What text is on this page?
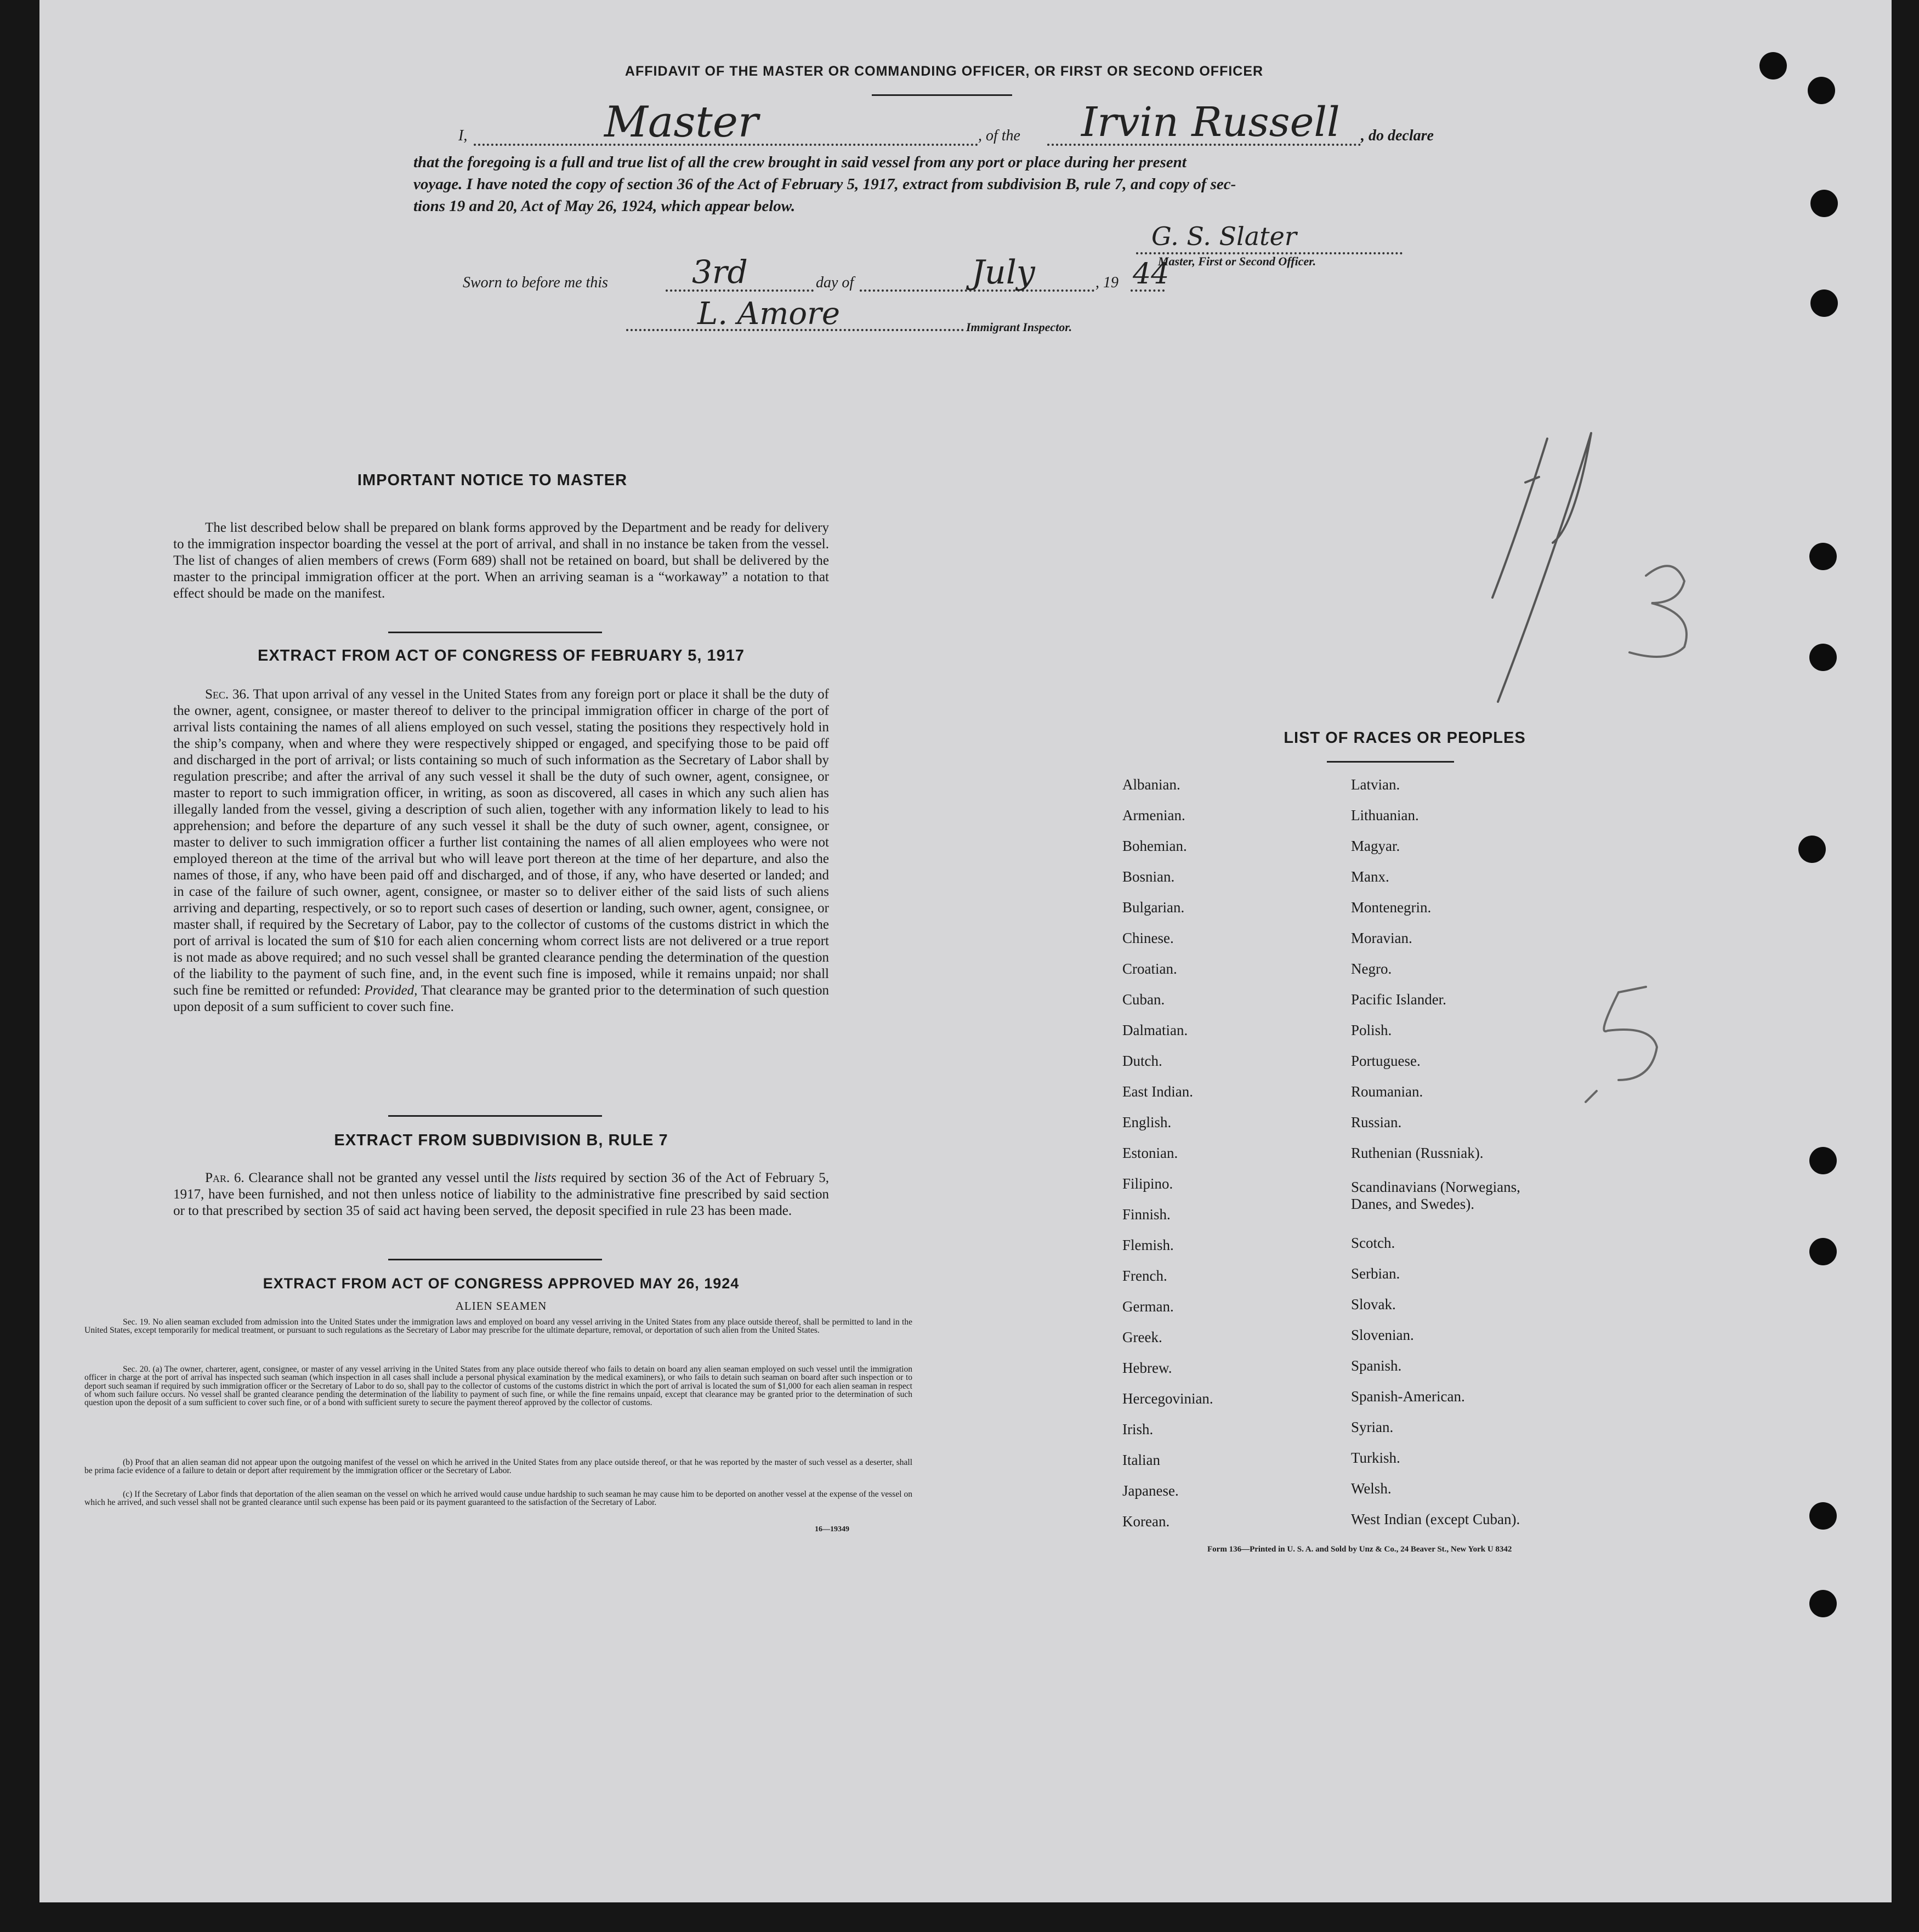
AFFIDAVIT OF THE MASTER OR COMMANDING OFFICER, OR FIRST OR SECOND OFFICER
I,	Master	, of the Irvin Russell , do declare
that the foregoing is a full and true list of all the crew brought in said vessel from any port or place during her present
voyage. I have noted the copy of section 36 of the Act of February 5, 1917, extract from subdivision B, rule 7, and copy of sec-
tions 19 and 20, Act of May 26, 1924, which appear below.
G. S. Slater
Master, First or Second Officer.
Sworn to before me this	3rd	day of	July	, 19 44
L. Amore	Immigrant Inspector.
IMPORTANT NOTICE TO MASTER
The list described below shall be prepared on blank forms approved by the Department and be ready for delivery to the immigration inspector boarding the vessel at the port of arrival, and shall in no instance be taken from the vessel. The list of changes of alien members of crews (Form 689) shall not be retained on board, but shall be delivered by the master to the principal immigration officer at the port. When an arriving seaman is a “workaway” a notation to that effect should be made on the manifest.
EXTRACT FROM ACT OF CONGRESS OF FEBRUARY 5, 1917
Sec. 36. That upon arrival of any vessel in the United States from any foreign port or place it shall be the duty of the owner, agent, consignee, or master thereof to deliver to the principal immigration officer in charge of the port of arrival lists containing the names of all aliens employed on such vessel, stating the positions they respectively hold in the ship’s company, when and where they were respectively shipped or engaged, and specifying those to be paid off and discharged in the port of arrival; or lists containing so much of such information as the Secretary of Labor shall by regulation prescribe; and after the arrival of any such vessel it shall be the duty of such owner, agent, consignee, or master to report to such immigration officer, in writing, as soon as discovered, all cases in which any such alien has illegally landed from the vessel, giving a description of such alien, together with any information likely to lead to his apprehension; and before the departure of any such vessel it shall be the duty of such owner, agent, consignee, or master to deliver to such immigration officer a further list containing the names of all alien employees who were not employed thereon at the time of the arrival but who will leave port thereon at the time of her departure, and also the names of those, if any, who have been paid off and discharged, and of those, if any, who have deserted or landed; and in case of the failure of such owner, agent, consignee, or master so to deliver either of the said lists of such aliens arriving and departing, respectively, or so to report such cases of desertion or landing, such owner, agent, consignee, or master shall, if required by the Secretary of Labor, pay to the collector of customs of the customs district in which the port of arrival is located the sum of $10 for each alien concerning whom correct lists are not delivered or a true report is not made as above required; and no such vessel shall be granted clearance pending the determination of the question of the liability to the payment of such fine, and, in the event such fine is imposed, while it remains unpaid; nor shall such fine be remitted or refunded: Provided, That clearance may be granted prior to the determination of such question upon deposit of a sum sufficient to cover such fine.
EXTRACT FROM SUBDIVISION B, RULE 7
Par. 6. Clearance shall not be granted any vessel until the lists required by section 36 of the Act of February 5, 1917, have been furnished, and not then unless notice of liability to the administrative fine prescribed by said section or to that prescribed by section 35 of said act having been served, the deposit specified in rule 23 has been made.
EXTRACT FROM ACT OF CONGRESS APPROVED MAY 26, 1924
ALIEN SEAMEN
Sec. 19. No alien seaman excluded from admission into the United States under the immigration laws and employed on board any vessel arriving in the United States from any place outside thereof, shall be permitted to land in the United States, except temporarily for medical treatment, or pursuant to such regulations as the Secretary of Labor may prescribe for the ultimate departure, removal, or deportation of such alien from the United States.
Sec. 20. (a) The owner, charterer, agent, consignee, or master of any vessel arriving in the United States from any place outside thereof who fails to detain on board any alien seaman employed on such vessel until the immigration officer in charge at the port of arrival has inspected such seaman (which inspection in all cases shall include a personal physical examination by the medical examiners), or who fails to detain such seaman on board after such inspection or to deport such seaman if required by such immigration officer or the Secretary of Labor to do so, shall pay to the collector of customs of the customs district in which the port of arrival is located the sum of $1,000 for each alien seaman in respect of whom such failure occurs. No vessel shall be granted clearance pending the determination of the liability to payment of such fine, or while the fine remains unpaid, except that clearance may be granted prior to the determination of such question upon the deposit of a sum sufficient to cover such fine, or of a bond with sufficient surety to secure the payment thereof approved by the collector of customs.
(b) Proof that an alien seaman did not appear upon the outgoing manifest of the vessel on which he arrived in the United States from any place outside thereof, or that he was reported by the master of such vessel as a deserter, shall be prima facie evidence of a failure to detain or deport after requirement by the immigration officer or the Secretary of Labor.
(c) If the Secretary of Labor finds that deportation of the alien seaman on the vessel on which he arrived would cause undue hardship to such seaman he may cause him to be deported on another vessel at the expense of the vessel on which he arrived, and such vessel shall not be granted clearance until such expense has been paid or its payment guaranteed to the satisfaction of the Secretary of Labor.
16—19349
LIST OF RACES OR PEOPLES
Albanian.
Armenian.
Bohemian.
Bosnian.
Bulgarian.
Chinese.
Croatian.
Cuban.
Dalmatian.
Dutch.
East Indian.
English.
Estonian.
Filipino.
Finnish.
Flemish.
French.
German.
Greek.
Hebrew.
Hercegovinian.
Irish.
Italian
Japanese.
Korean.
Latvian.
Lithuanian.
Magyar.
Manx.
Montenegrin.
Moravian.
Negro.
Pacific Islander.
Polish.
Portuguese.
Roumanian.
Russian.
Ruthenian (Russniak).
Scandinavians (Norwegians,
Danes, and Swedes).
Scotch.
Serbian.
Slovak.
Slovenian.
Spanish.
Spanish-American.
Syrian.
Turkish.
Welsh.
West Indian (except Cuban).
Form 136—Printed in U. S. A. and Sold by Unz & Co., 24 Beaver St., New York U 8342
1
3
5
